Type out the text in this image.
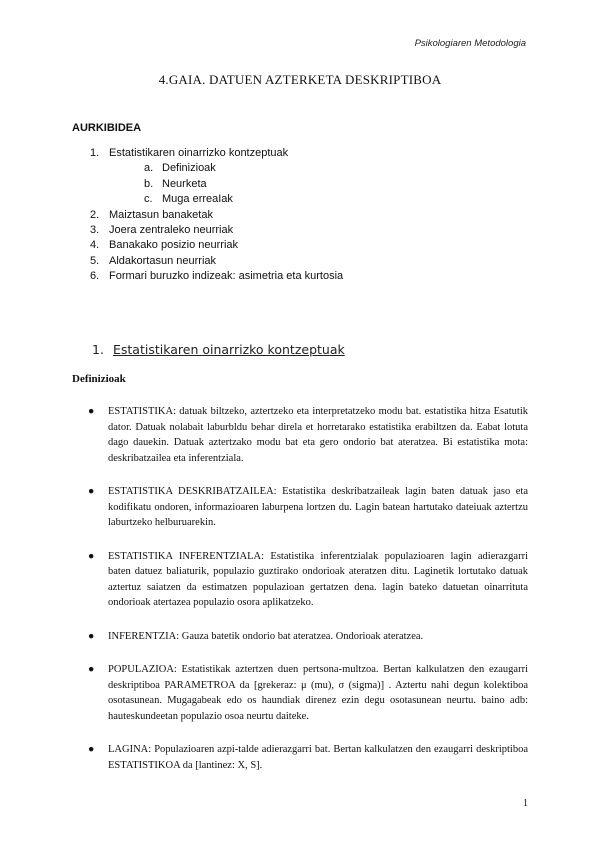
Psikologiaren Metodologia
4.GAIA. DATUEN AZTERKETA DESKRIPTIBOA
AURKIBIDEA
1. Estatistikaren oinarrizko kontzeptuak
a. Definizioak
b. Neurketa
c. Muga erreaIak
2. Maiztasun banaketak
3. Joera zentraleko neurriak
4. Banakako posizio neurriak
5. Aldakortasun neurriak
6. Formari buruzko indizeak: asimetria eta kurtosia
1. Estatistikaren oinarrizko kontzeptuak
Definizioak
● ESTATISTIKA: datuak biltzeko, aztertzeko eta interpretatzeko modu bat. estatistika hitza Esatutik dator. Datuak nolabait laburbldu behar direla et horretarako estatistika erabiltzen da. Eabat lotuta dago dauekin. Datuak aztertzako modu bat eta gero ondorio bat ateratzea. Bi estatistika mota: deskribatzailea eta inferentziala.
● ESTATISTIKA DESKRIBATZAILEA: Estatistika deskribatzaileak lagin baten datuak jaso eta kodifikatu ondoren, informazioaren laburpena lortzen du. Lagin batean hartutako dateiuak aztertzu laburtzeko helburuarekin.
● ESTATISTIKA INFERENTZIALA: Estatistika inferentzialak populazioaren lagin adierazgarri baten datuez baliaturik, populazio guztirako ondorioak ateratzen ditu. Laginetik lortutako datuak aztertuz saiatzen da estimatzen populazioan gertatzen dena. lagin bateko datuetan oinarrituta ondorioak atertazea populazio osora aplikatzeko.
● INFERENTZIA: Gauza batetik ondorio bat ateratzea. Ondorioak ateratzea.
● POPULAZIOA: Estatistikak aztertzen duen pertsona-multzoa. Bertan kalkulatzen den ezaugarri deskriptiboa PARAMETROA da [grekeraz: μ (mu), σ (sigma)] . Aztertu nahi degun kolektiboa osotasunean. Mugagabeak edo os haundiak direnez ezin degu osotasunean neurtu. baino adb: hauteskundeetan populazio osoa neurtu daiteke.
● LAGINA: Populazioaren azpi-talde adierazgarri bat. Bertan kalkulatzen den ezaugarri deskriptiboa ESTATISTIKOA da [lantinez: X, S].
1
